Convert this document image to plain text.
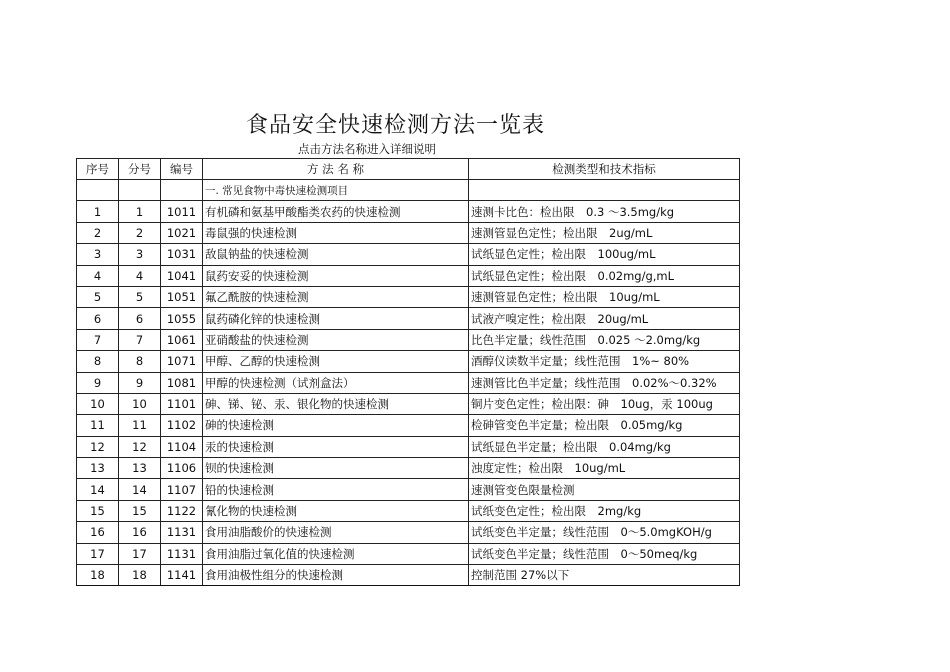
食品安全快速检测方法一览表
点击方法名称进入详细说明
序号	分号	编号	方 法 名 称	检测类型和技术指标
			一. 常见食物中毒快速检测项目	
1	1	1011	有机磷和氨基甲酸酯类农药的快速检测	速测卡比色：检出限　0.3 ～3.5mg/kg
2	2	1021	毒鼠强的快速检测	速测管显色定性；检出限　2ug/mL
3	3	1031	敌鼠钠盐的快速检测	试纸显色定性；检出限　100ug/mL
4	4	1041	鼠药安妥的快速检测	试纸显色定性；检出限　0.02mg/g,mL
5	5	1051	氟乙酰胺的快速检测	速测管显色定性；检出限　10ug/mL
6	6	1055	鼠药磷化锌的快速检测	试液产嗅定性；检出限　20ug/mL
7	7	1061	亚硝酸盐的快速检测	比色半定量；线性范围　0.025 ～2.0mg/kg
8	8	1071	甲醇、乙醇的快速检测	酒醇仪读数半定量；线性范围　1%~ 80%
9	9	1081	甲醇的快速检测（试剂盒法）	速测管比色半定量；线性范围　0.02%～0.32%
10	10	1101	砷、锑、铋、汞、银化物的快速检测	铜片变色定性；检出限：砷　10ug，汞 100ug
11	11	1102	砷的快速检测	检砷管变色半定量；检出限　0.05mg/kg
12	12	1104	汞的快速检测	试纸显色半定量；检出限　0.04mg/kg
13	13	1106	钡的快速检测	浊度定性；检出限　10ug/mL
14	14	1107	铅的快速检测	速测管变色限量检测
15	15	1122	氰化物的快速检测	试纸变色定性；检出限　2mg/kg
16	16	1131	食用油脂酸价的快速检测	试纸变色半定量；线性范围　0～5.0mgKOH/g
17	17	1131	食用油脂过氧化值的快速检测	试纸变色半定量；线性范围　0～50meq/kg
18	18	1141	食用油极性组分的快速检测	控制范围 27%以下
